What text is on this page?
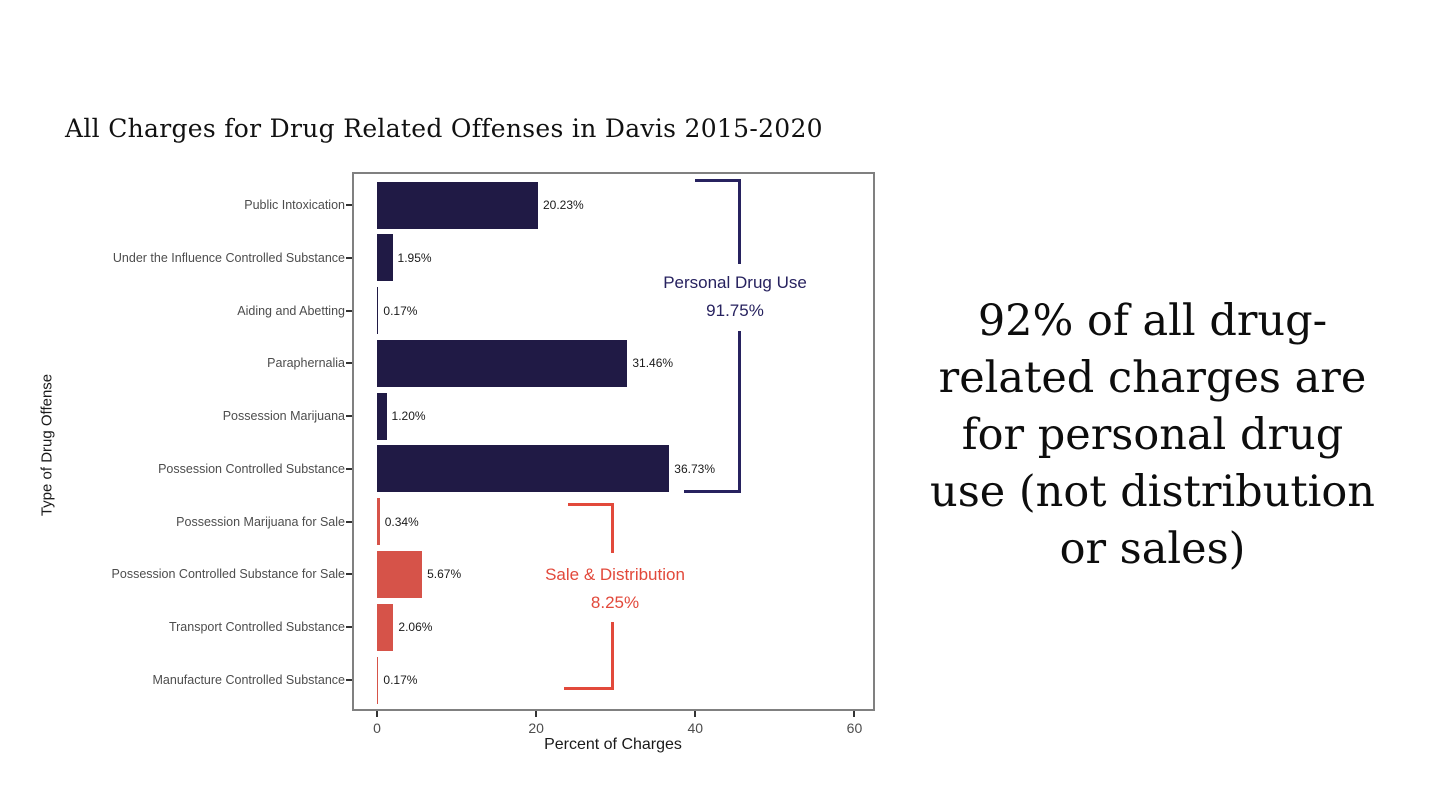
All Charges for Drug Related Offenses in Davis 2015-2020
Type of Drug Offense
20.23%
1.95%
0.17%
31.46%
1.20%
36.73%
0.34%
5.67%
2.06%
0.17%
Public Intoxication
Under the Influence Controlled Substance
Aiding and Abetting
Paraphernalia
Possession Marijuana
Possession Controlled Substance
Possession Marijuana for Sale
Possession Controlled Substance for Sale
Transport Controlled Substance
Manufacture Controlled Substance
0	20	40	60
Percent of Charges
Personal Drug Use
91.75%
Sale & Distribution
8.25%
92% of all drug-
related charges are
for personal drug
use (not distribution
or sales)
